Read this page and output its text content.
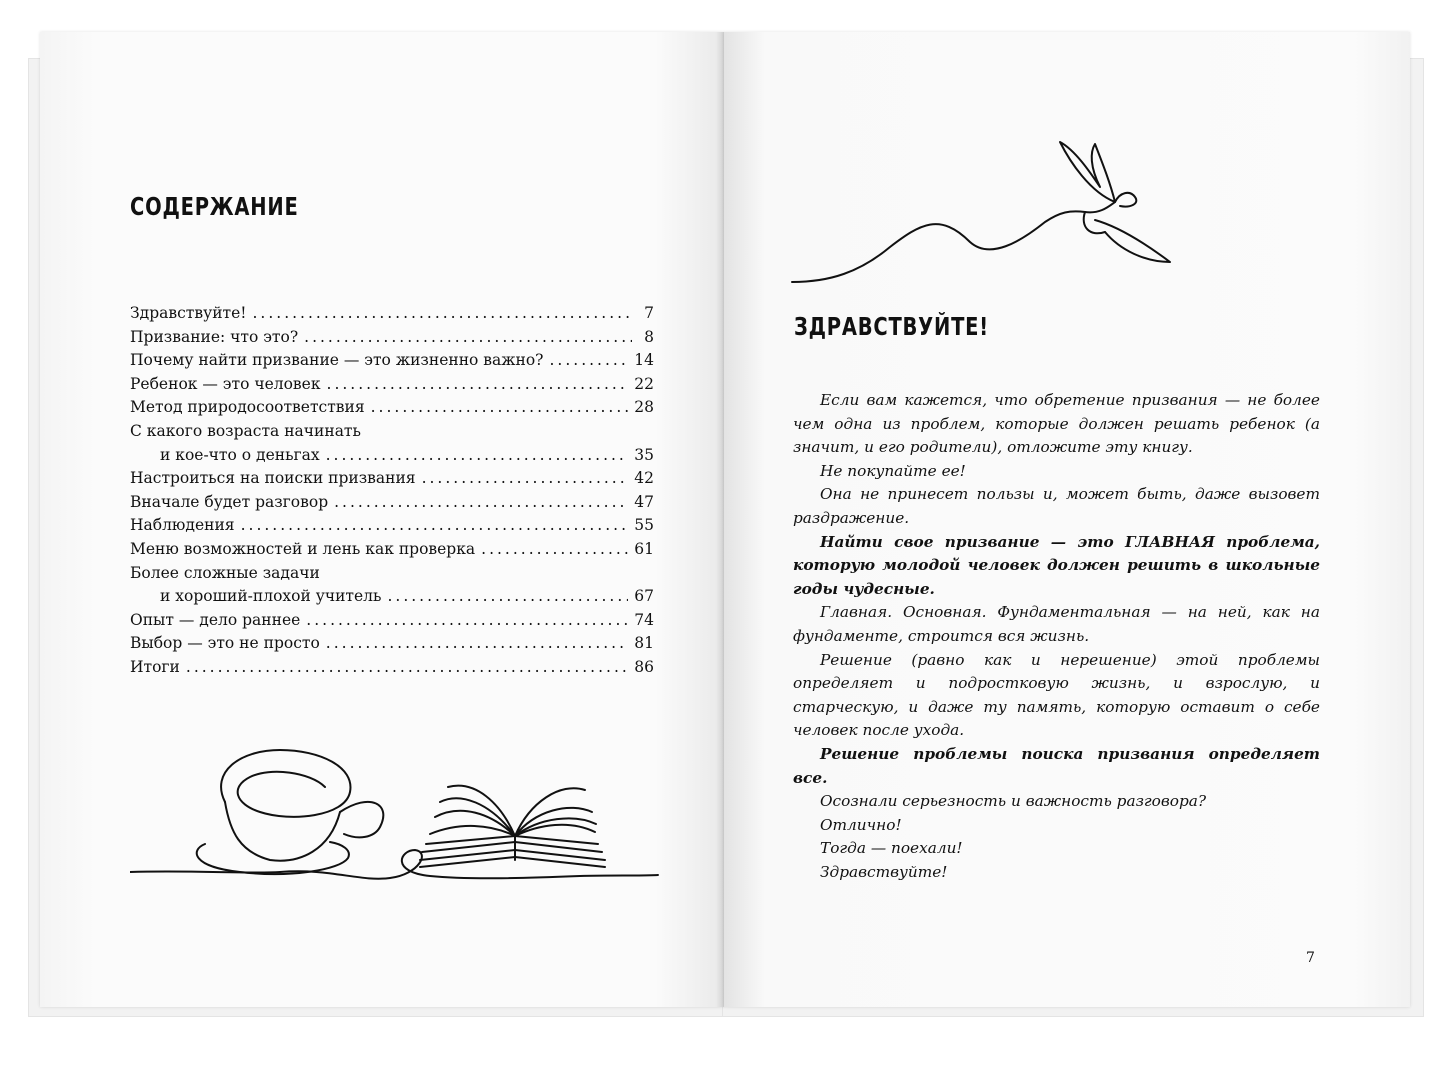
СОДЕРЖАНИЕ
Здравствуйте! .....	7
Призвание: что это? .....	8
Почему найти призвание — это жизненно важно? .....	14
Ребенок — это человек .....	22
Метод природосоответствия .....	28
С какого возраста начинать
и кое-что о деньгах .....	35
Настроиться на поиски призвания .....	42
Вначале будет разговор .....	47
Наблюдения .....	55
Меню возможностей и лень как проверка .....	61
Более сложные задачи
и хороший-плохой учитель .....	67
Опыт — дело раннее .....	74
Выбор — это не просто .....	81
Итоги .....	86
ЗДРАВСТВУЙТЕ!

Если вам кажется, что обретение призвания — не более чем одна из проблем, которые должен решать ребенок (а значит, и его родители), отложите эту книгу.

Не покупайте ее!

Она не принесет пользы и, может быть, даже вызовет раздражение.

Найти свое призвание — это ГЛАВНАЯ проблема, которую молодой человек должен решить в школьные годы чудесные.

Главная. Основная. Фундаментальная — на ней, как на фундаменте, строится вся жизнь.

Решение (равно как и нерешение) этой проблемы определяет и подростковую жизнь, и взрослую, и старческую, и даже ту память, которую оставит о себе человек после ухода.

Решение проблемы поиска призвания определяет все.

Осознали серьезность и важность разговора?

Отлично!

Тогда — поехали!

Здравствуйте!

7
